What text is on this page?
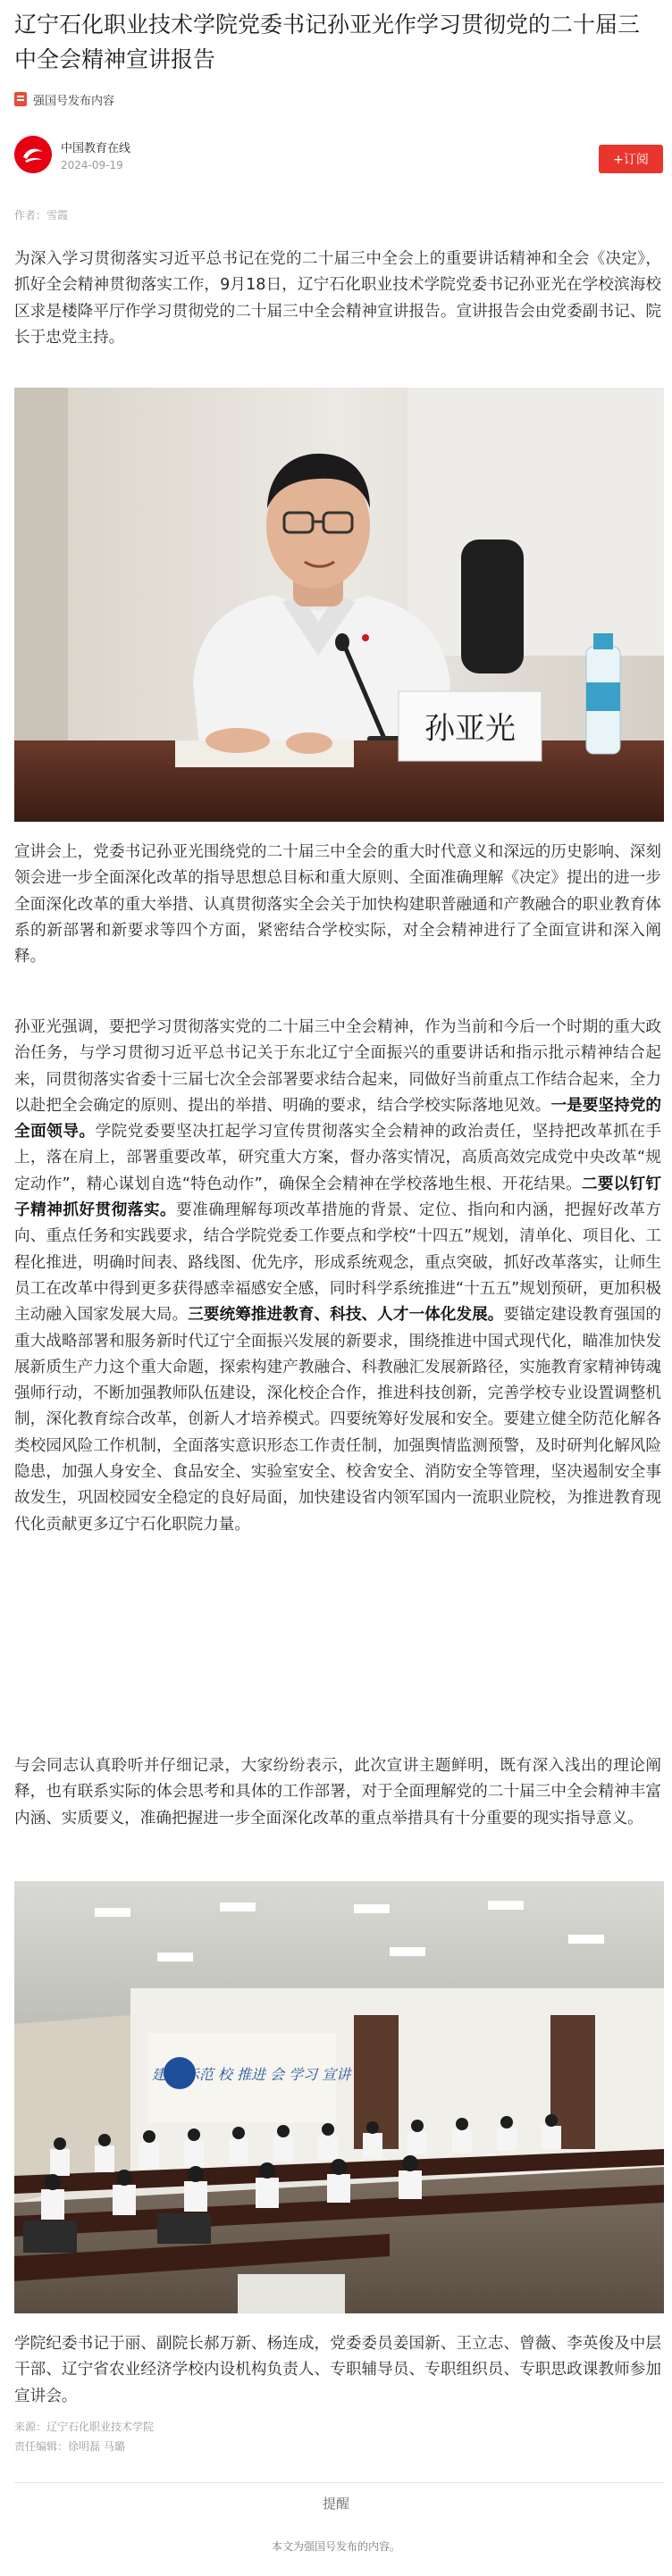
辽宁石化职业技术学院党委书记孙亚光作学习贯彻党的二十届三中全会精神宣讲报告
强国号发布内容
中国教育在线
2024-09-19	+订阅
作者：雪霞

为深入学习贯彻落实习近平总书记在党的二十届三中全会上的重要讲话精神和全会《决定》，抓好全会精神贯彻落实工作，9月18日，辽宁石化职业技术学院党委书记孙亚光在学校滨海校区求是楼降平厅作学习贯彻党的二十届三中全会精神宣讲报告。宣讲报告会由党委副书记、院长于忠党主持。

孙亚光

宣讲会上，党委书记孙亚光围绕党的二十届三中全会的重大时代意义和深远的历史影响、深刻领会进一步全面深化改革的指导思想总目标和重大原则、全面准确理解《决定》提出的进一步全面深化改革的重大举措、认真贯彻落实全会关于加快构建职普融通和产教融合的职业教育体系的新部署和新要求等四个方面，紧密结合学校实际，对全会精神进行了全面宣讲和深入阐释。

孙亚光强调，要把学习贯彻落实党的二十届三中全会精神，作为当前和今后一个时期的重大政治任务，与学习贯彻习近平总书记关于东北辽宁全面振兴的重要讲话和指示批示精神结合起来，同贯彻落实省委十三届七次全会部署要求结合起来，同做好当前重点工作结合起来，全力以赴把全会确定的原则、提出的举措、明确的要求，结合学校实际落地见效。一是要坚持党的全面领导。学院党委要坚决扛起学习宣传贯彻落实全会精神的政治责任，坚持把改革抓在手上，落在肩上，部署重要改革，研究重大方案，督办落实情况，高质高效完成党中央改革“规定动作”，精心谋划自选“特色动作”，确保全会精神在学校落地生根、开花结果。二要以钉钉子精神抓好贯彻落实。要准确理解每项改革措施的背景、定位、指向和内涵，把握好改革方向、重点任务和实践要求，结合学院党委工作要点和学校“十四五”规划，清单化、项目化、工程化推进，明确时间表、路线图、优先序，形成系统观念，重点突破，抓好改革落实，让师生员工在改革中得到更多获得感幸福感安全感，同时科学系统推进“十五五”规划预研，更加积极主动融入国家发展大局。三要统筹推进教育、科技、人才一体化发展。要锚定建设教育强国的重大战略部署和服务新时代辽宁全面振兴发展的新要求，围绕推进中国式现代化，瞄准加快发展新质生产力这个重大命题，探索构建产教融合、科教融汇发展新路径，实施教育家精神铸魂强师行动，不断加强教师队伍建设，深化校企合作，推进科技创新，完善学校专业设置调整机制，深化教育综合改革，创新人才培养模式。四要统筹好发展和安全。要建立健全防范化解各类校园风险工作机制，全面落实意识形态工作责任制，加强舆情监测预警，及时研判化解风险隐患，加强人身安全、食品安全、实验室安全、校舍安全、消防安全等管理，坚决遏制安全事故发生，巩固校园安全稳定的良好局面，加快建设省内领军国内一流职业院校，为推进教育现代化贡献更多辽宁石化职院力量。

与会同志认真聆听并仔细记录，大家纷纷表示，此次宣讲主题鲜明，既有深入浅出的理论阐释，也有联系实际的体会思考和具体的工作部署，对于全面理解党的二十届三中全会精神丰富内涵、实质要义，准确把握进一步全面深化改革的重点举措具有十分重要的现实指导意义。

建设 示范 校 推进 会 学习 宣讲

学院纪委书记于丽、副院长郝万新、杨连成，党委委员姜国新、王立志、曾薇、李英俊及中层干部、辽宁省农业经济学校内设机构负责人、专职辅导员、专职组织员、专职思政课教师参加宣讲会。

来源：辽宁石化职业技术学院
责任编辑：徐明磊 马璐
提醒
本文为强国号发布的内容。
